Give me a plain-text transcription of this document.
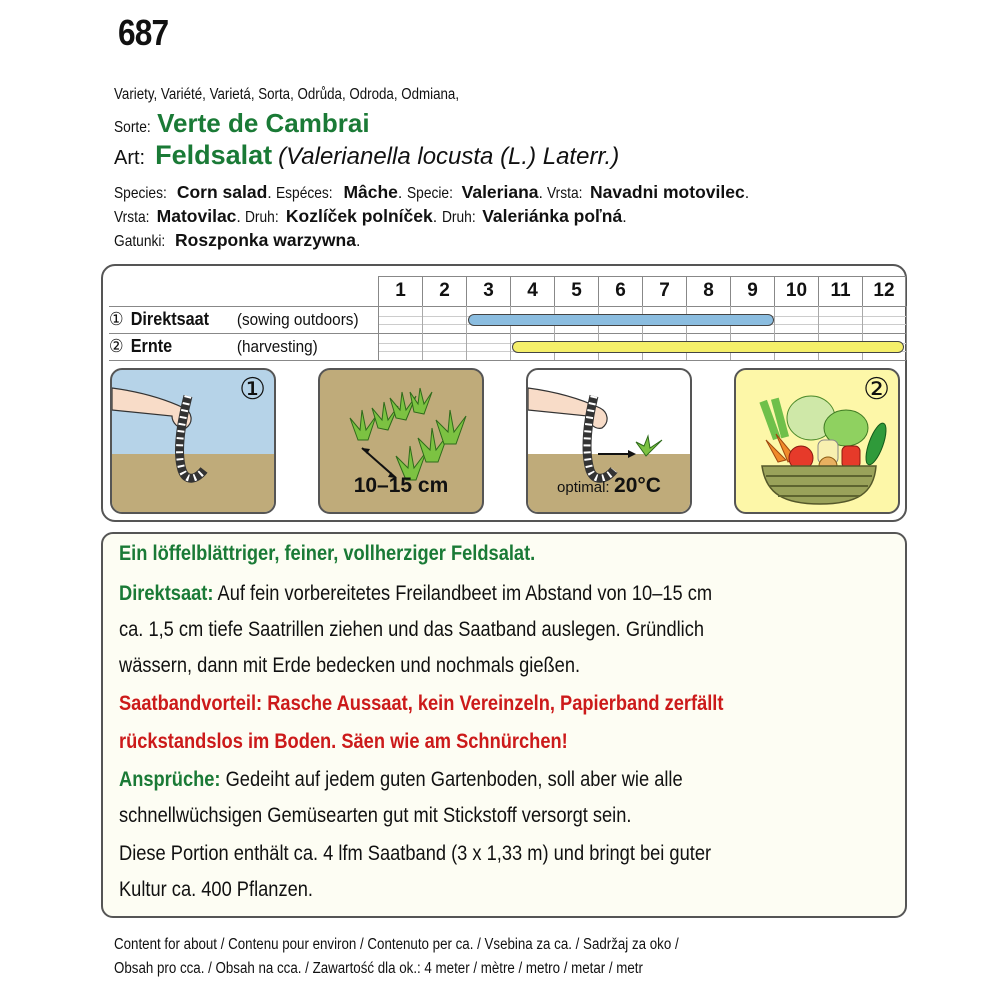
687
Variety, Variété, Varietá, Sorta, Odrůda, Odroda, Odmiana,
Sorte: Verte de Cambrai
Art: Feldsalat (Valerianella locusta (L.) Laterr.)
Species: Corn salad. Espéces: Mâche. Specie: Valeriana. Vrsta: Navadni motovilec.
Vrsta: Matovilac. Druh: Kozlíček polníček. Druh: Valeriánka poľná.
Gatunki: Roszponka warzywna.
1	2	3	4	5	6	7	8	9	10	11	12
① Direktsaat (sowing outdoors)
② Ernte	(harvesting)
①
10–15 cm	optimal: 20°C
②
Ein löffelblättriger, feiner, vollherziger Feldsalat.
Direktsaat: Auf fein vorbereitetes Freilandbeet im Abstand von 10–15 cm
ca. 1,5 cm tiefe Saatrillen ziehen und das Saatband auslegen. Gründlich
wässern, dann mit Erde bedecken und nochmals gießen.
Saatbandvorteil: Rasche Aussaat, kein Vereinzeln, Papierband zerfällt
rückstandslos im Boden. Säen wie am Schnürchen!
Ansprüche: Gedeiht auf jedem guten Gartenboden, soll aber wie alle
schnellwüchsigen Gemüsearten gut mit Stickstoff versorgt sein.
Diese Portion enthält ca. 4 lfm Saatband (3 x 1,33 m) und bringt bei guter
Kultur ca. 400 Pflanzen.
Content for about / Contenu pour environ / Contenuto per ca. / Vsebina za ca. / Sadržaj za oko /
Obsah pro cca. / Obsah na cca. / Zawartość dla ok.: 4 meter / mètre / metro / metar / metr
